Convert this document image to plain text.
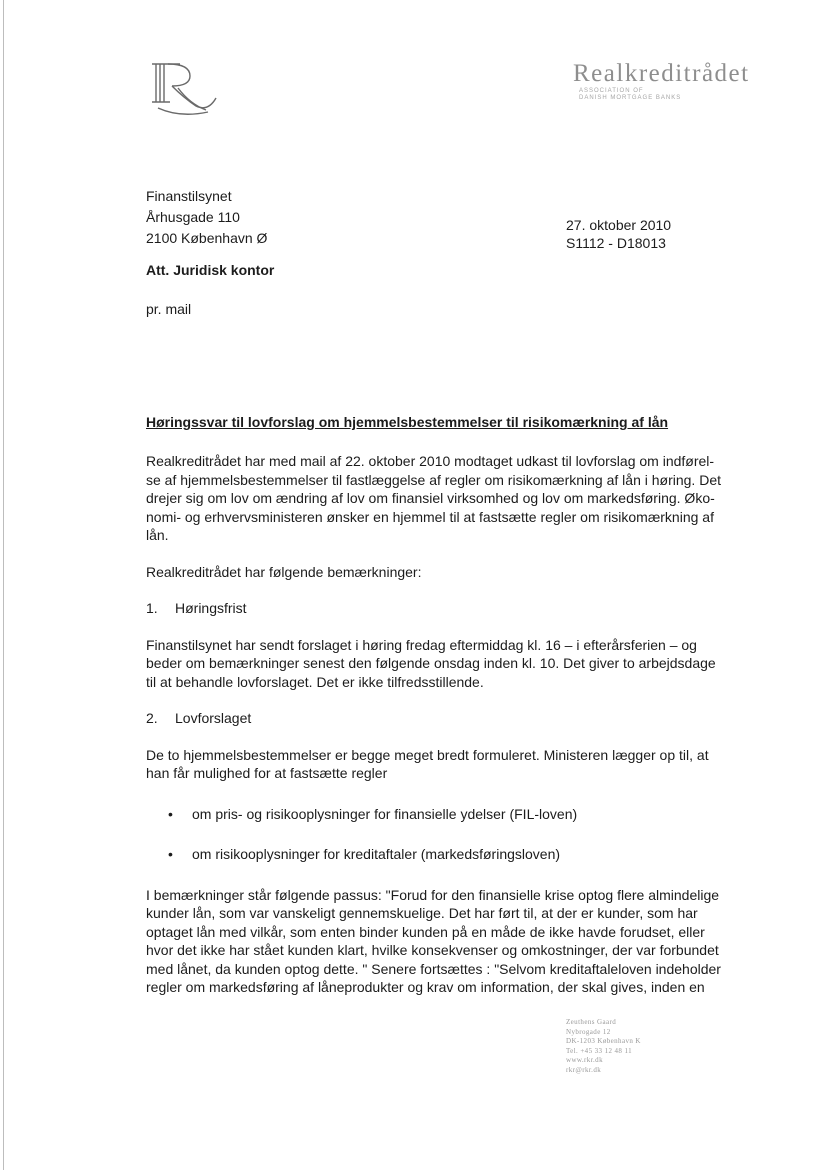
Realkreditrådet
ASSOCIATION OF
DANISH MORTGAGE BANKS
Finanstilsynet
Århusgade 110
2100 København Ø
27. oktober 2010
S1112 - D18013
Att. Juridisk kontor
pr. mail
Høringssvar til lovforslag om hjemmelsbestemmelser til risikomærkning af lån

Realkreditrådet har med mail af 22. oktober 2010 modtaget udkast til lovforslag om indførel-

se af hjemmelsbestemmelser til fastlæggelse af regler om risikomærkning af lån i høring. Det

drejer sig om lov om ændring af lov om finansiel virksomhed og lov om markedsføring. Øko-

nomi- og erhvervsministeren ønsker en hjemmel til at fastsætte regler om risikomærkning af

lån.

Realkreditrådet har følgende bemærkninger:

1.	Høringsfrist

Finanstilsynet har sendt forslaget i høring fredag eftermiddag kl. 16 – i efterårsferien – og

beder om bemærkninger senest den følgende onsdag inden kl. 10. Det giver to arbejdsdage

til at behandle lovforslaget. Det er ikke tilfredsstillende.

2.	Lovforslaget

De to hjemmelsbestemmelser er begge meget bredt formuleret. Ministeren lægger op til, at

han får mulighed for at fastsætte regler

•	om pris- og risikooplysninger for finansielle ydelser (FIL-loven)
•	om risikooplysninger for kreditaftaler (markedsføringsloven)

I bemærkninger står følgende passus: "Forud for den finansielle krise optog flere almindelige

kunder lån, som var vanskeligt gennemskuelige. Det har ført til, at der er kunder, som har

optaget lån med vilkår, som enten binder kunden på en måde de ikke havde forudset, eller

hvor det ikke har stået kunden klart, hvilke konsekvenser og omkostninger, der var forbundet

med lånet, da kunden optog dette. " Senere fortsættes : "Selvom kreditaftaleloven indeholder

regler om markedsføring af låneprodukter og krav om information, der skal gives, inden en

Zeuthens Gaard
Nybrogade 12
DK-1203 København K
Tel. +45 33 12 48 11
www.rkr.dk
rkr@rkr.dk
